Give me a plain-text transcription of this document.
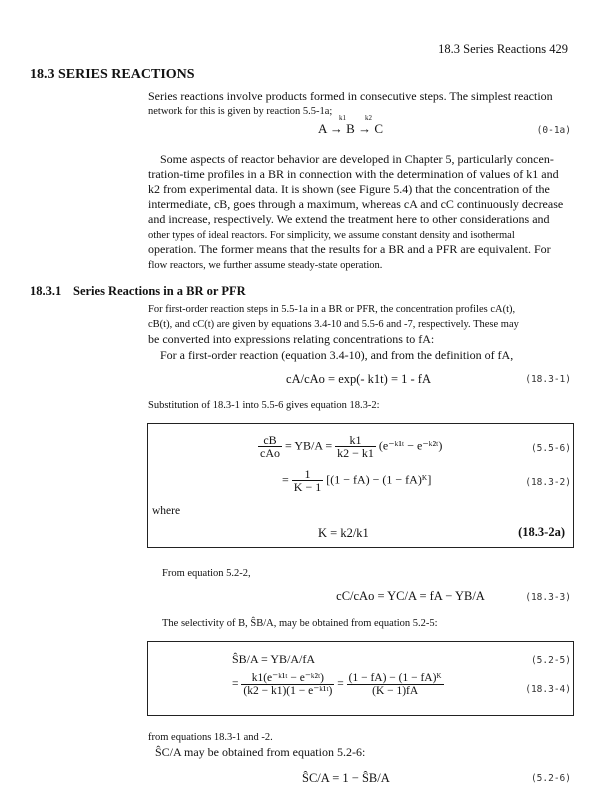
18.3 Series Reactions 429
18.3 SERIES REACTIONS
Series reactions involve products formed in consecutive steps. The simplest reaction
network for this is given by reaction 5.5-1a;
A → B → C
k1	k2
(0-1a)
Some aspects of reactor behavior are developed in Chapter 5, particularly concen-
tration-time profiles in a BR in connection with the determination of values of k1 and
k2 from experimental data. It is shown (see Figure 5.4) that the concentration of the
intermediate, cB, goes through a maximum, whereas cA and cC continuously decrease
and increase, respectively. We extend the treatment here to other considerations and
other types of ideal reactors. For simplicity, we assume constant density and isothermal
operation. The former means that the results for a BR and a PFR are equivalent. For
flow reactors, we further assume steady-state operation.
18.3.1 Series Reactions in a BR or PFR
For first-order reaction steps in 5.5-1a in a BR or PFR, the concentration profiles cA(t),
cB(t), and cC(t) are given by equations 3.4-10 and 5.5-6 and -7, respectively. These may
be converted into expressions relating concentrations to fA:
For a first-order reaction (equation 3.4-10), and from the definition of fA,
cA/cAo = exp(- k1t) = 1 - fA	(18.3-1)
Substitution of 18.3-1 into 5.5-6 gives equation 18.3-2:
$\frac{cB}{\text{cAo}} = YB/A = \frac{k1}{k2 - k1}$ (e⁻ᵏ¹ᵗ − e⁻ᵏ²ᵗ)	(5.5-6)
= $\frac{1}{K - 1} [(1 - fA) - (1$ − fA)ᴷ]	(18.3-2)
where
K = k2/k1	(18.3-2a)
From equation 5.2-2,
cC/cAo = YC/A = fA − YB/A	(18.3-3)
The selectivity of B, ŜB/A, may be obtained from equation 5.2-5:
ŜB/A = YB/A/fA	(5.2-5)
= $\frac{\text{k1(e⁻ᵏ¹ᵗ − e⁻ᵏ²ᵗ)}}{\text{(k2 − k1)(1 − e⁻ᵏ¹ᵗ)}} = \frac{\text{(1 − fA) − (1 − fA)ᴷ}}{(K - 1)fA}$	(18.3-4)
from equations 18.3-1 and -2.
ŜC/A may be obtained from equation 5.2-6:
ŜC/A = 1 − ŜB/A	(5.2-6)
